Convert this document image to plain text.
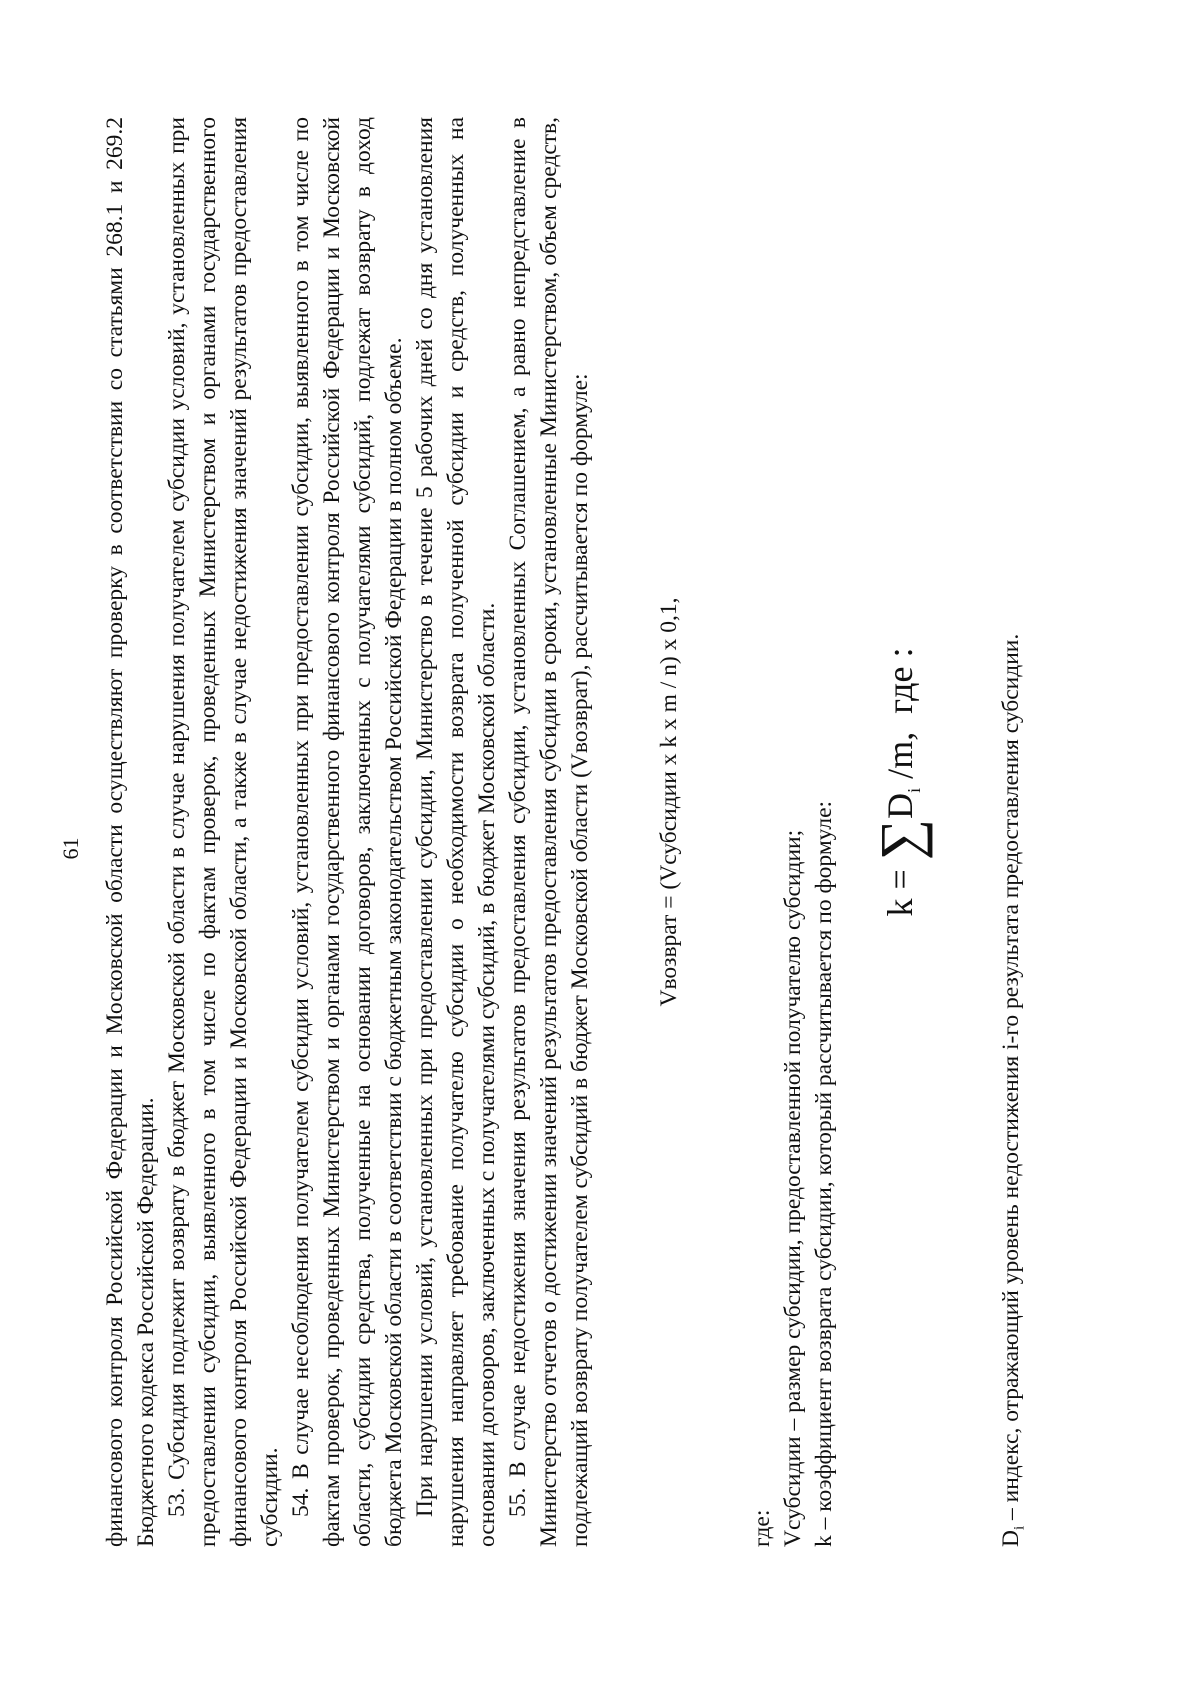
61 финансового контроля Российской Федерации и Московской области осуществляют проверку в соответствии со статьями 268.1 и 269.2 Бюджетного кодекса Российской Федерации. 53. Субсидия подлежит возврату в бюджет Московской области в случае нарушения получателем субсидии условий, установленных при предоставлении субсидии, выявленного в том числе по фактам проверок, проведенных Министерством и органами государственного финансового контроля Российской Федерации и Московской области, а также в случае недостижения значений результатов предоставления субсидии. 54. В случае несоблюдения получателем субсидии условий, установленных при предоставлении субсидии, выявленного в том числе по фактам проверок, проведенных Министерством и органами государственного финансового контроля Российской Федерации и Московской области, субсидии средства, полученные на основании договоров, заключенных с получателями субсидий, подлежат возврату в доход бюджета Московской области в соответствии с бюджетным законодательством Российской Федерации в полном объеме. При нарушении условий, установленных при предоставлении субсидии, Министерство в течение 5 рабочих дней со дня установления нарушения направляет требование получателю субсидии о необходимости возврата полученной субсидии и средств, полученных на основании договоров, заключенных с получателями субсидий, в бюджет Московской области. 55. В случае недостижения значения результатов предоставления субсидии, установленных Соглашением, а равно непредставление в Министерство отчетов о достижении значений результатов предоставления субсидии в сроки, установленные Министерством, объем средств, подлежащий возврату получателем субсидий в бюджет Московской области (Vвозврат), рассчитывается по формуле:	Vвозврат = (Vсубсидии x k x m / n) x 0,1,
где: Vсубсидии – размер субсидии, предоставленной получателю субсидии; k – коэффициент возврата субсидии, который рассчитывается по формуле: $k = \sum D_i$ /m,  где :
$D_i$ – индекс, отражающий уровень недостижения i-го результата предоставления субсидии.
